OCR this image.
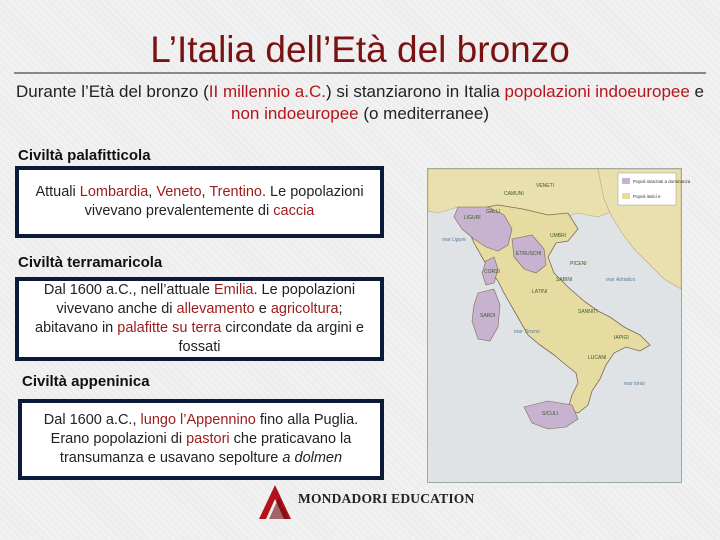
L’Italia dell’Età del bronzo
Durante l’Età del bronzo (II millennio a.C.) si stanziarono in Italia popolazioni indoeuropee e non indoeuropee (o mediterranee)
Civiltà palafitticola

Attuali Lombardia, Veneto, Trentino. Le popolazioni vivevano prevalentemente di caccia

Civiltà terramaricola

Dal 1600 a.C., nell’attuale Emilia. Le popolazioni vivevano anche di allevamento e agricoltura; abitavano in palafitte su terra circondate da argini e fossati

Civiltà appeninica

Dal 1600 a.C., lungo l’Appennino fino alla Puglia. Erano popolazioni di pastori che praticavano la transumanza e usavano sepolture a dolmen

Popoli stanziati a dominanza
Popoli italici e
VENETI
CAMUNI
LIGURI
GALLI
ETRUSCHI
UMBRI
PICENI
SABINI
LATINI
SANNITI
IAPIGI
LUCANI
SICULI
SARDI
CORSI
mar Ligure
mar Tirreno
mar Adriatico
mar Ionio
MONDADORI EDUCATION
